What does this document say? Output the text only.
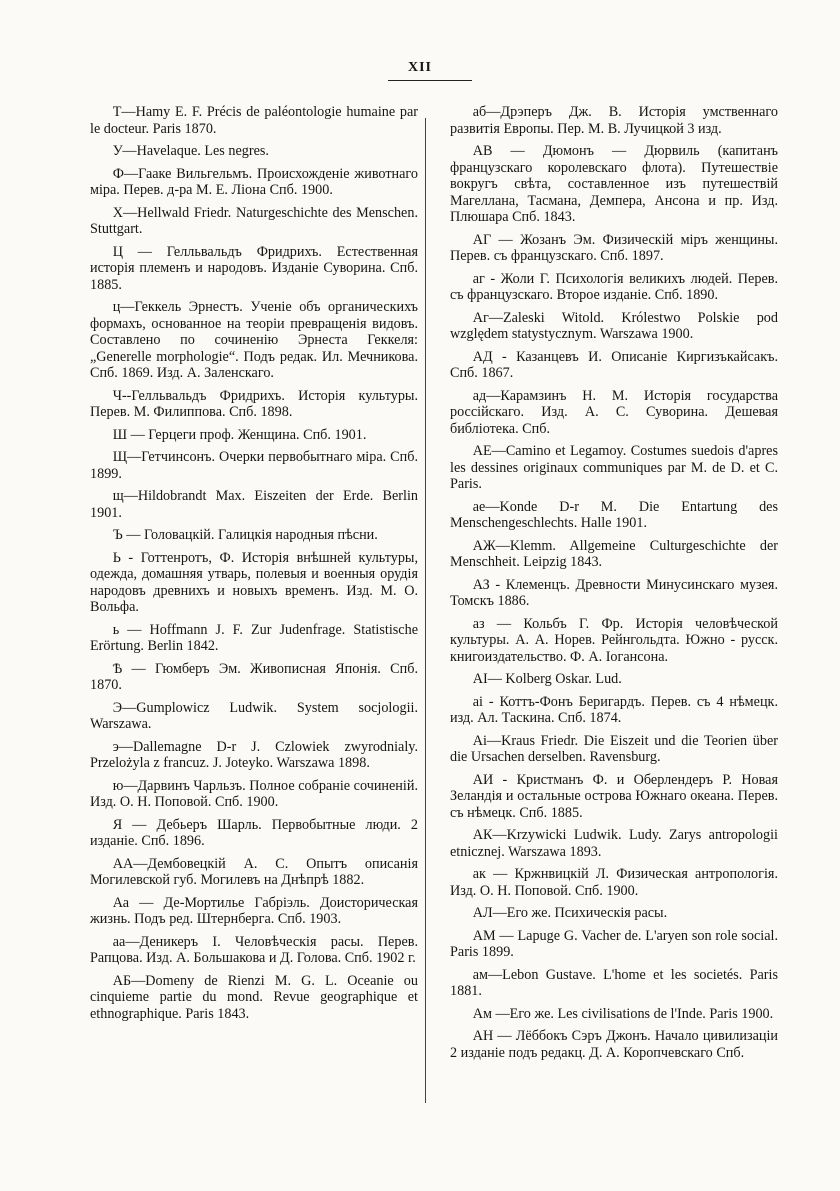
XII

Т—Hamy E. F. Précis de paléontologie humaine par le docteur. Paris 1870.

У—Havelaque. Les negres.

Ф—Гааке Вильгельмъ. Происхожденіе животнаго міра. Перев. д-ра М. Е. Ліона Спб. 1900.

Х—Hellwald Friedr. Naturgeschichte des Menschen. Stuttgart.

Ц — Гелльвальдъ Фридрихъ. Естественная исторія племенъ и народовъ. Изданіе Суворина. Спб. 1885.

ц—Геккель Эрнестъ. Ученіе объ органическихъ формахъ, основанное на теоріи превращенія видовъ. Составлено по сочиненію Эрнеста Геккеля: „Generelle morphologie“. Подъ редак. Ил. Мечникова. Спб. 1869. Изд. А. Заленскаго.

Ч--Гелльвальдъ Фридрихъ. Исторія культуры. Перев. М. Филиппова. Спб. 1898.

Ш — Герцеги проф. Женщина. Спб. 1901.

Щ—Гетчинсонъ. Очерки первобытнаго міра. Спб. 1899.

щ—Hildobrandt Max. Eiszeiten der Erde. Berlin 1901.

Ъ — Головацкій. Галицкія народныя пѣсни.

Ь - Готтенротъ, Ф. Исторія внѣшней культуры, одежда, домашняя утварь, полевыя и военныя орудія народовъ древнихъ и новыхъ временъ. Изд. М. О. Вольфа.

ь — Hoffmann J. F. Zur Judenfrage. Statistische Erörtung. Berlin 1842.

Ѣ — Гюмберъ Эм. Живописная Японія. Спб. 1870.

Э—Gumplowicz Ludwik. System socjologii. Warszawa.

э—Dallemagne D-r J. Czlowiek zwyrodnialy. Przelożyla z francuz. J. Joteyko. Warszawa 1898.

ю—Дарвинъ Чарльзъ. Полное собраніе сочиненій. Изд. О. Н. Поповой. Спб. 1900.

Я — Дебьеръ Шарль. Первобытные люди. 2 изданіе. Спб. 1896.

АА—Дембовецкій А. С. Опытъ описанія Могилевской губ. Могилевъ на Днѣпрѣ 1882.

Аа — Де-Мортилье Габріэль. Доисторическая жизнь. Подъ ред. Штернберга. Спб. 1903.

аа—Деникеръ І. Человѣческія расы. Перев. Рапцова. Изд. А. Большакова и Д. Голова. Спб. 1902 г.

АБ—Domeny de Rienzi M. G. L. Oceanie ou cinquieme partie du mond. Revue geographique et ethnographique. Paris 1843.

аб—Дрэперъ Дж. В. Исторія умственнаго развитія Европы. Пер. М. В. Лучицкой 3 изд.

АВ — Дюмонъ — Дюрвиль (капитанъ французскаго королевскаго флота). Путешествіе вокругъ свѣта, составленное изъ путешествій Магеллана, Тасмана, Демпера, Ансона и пр. Изд. Плюшара Спб. 1843.

АГ — Жозанъ Эм. Физическій міръ женщины. Перев. съ французскаго. Спб. 1897.

аг - Жоли Г. Психологія великихъ людей. Перев. съ французскаго. Второе изданіе. Спб. 1890.

Аг—Zaleski Witold. Królestwo Polskie pod względem statystycznym. Warszawa 1900.

АД - Казанцевъ И. Описаніе Киргизъкайсакъ. Спб. 1867.

ад—Карамзинъ Н. М. Исторія государства россійскаго. Изд. А. С. Суворина. Дешевая библіотека. Спб.

АЕ—Camino et Legamoy. Costumes suedois d'apres les dessines originaux communiques par M. de D. et C. Paris.

ае—Konde D-r M. Die Entartung des Menschengeschlechts. Halle 1901.

АЖ—Klemm. Allgemeine Culturgeschichte der Menschheit. Leipzig 1843.

АЗ - Клеменцъ. Древности Минусинскаго музея. Томскъ 1886.

аз — Кольбъ Г. Фр. Исторія человѣческой культуры. А. А. Норев. Рейнгольдта. Южно - русск. книгоиздательство. Ф. А. Іогансона.

АІ— Kolberg Oskar. Lud.

аі - Коттъ-Фонъ Беригардъ. Перев. съ 4 нѣмецк. изд. Ал. Таскина. Спб. 1874.

Аі—Kraus Friedr. Die Eiszeit und die Teorien über die Ursachen derselben. Ravensburg.

АИ - Кристманъ Ф. и Оберлендеръ Р. Новая Зеландія и остальные острова Южнаго океана. Перев. съ нѣмецк. Спб. 1885.

АК—Krzywicki Ludwik. Ludy. Zarys antropologii etnicznej. Warszawa 1893.

ак — Кржнвицкій Л. Физическая антропологія. Изд. О. Н. Поповой. Спб. 1900.

АЛ—Его же. Психическія расы.

АМ — Lapuge G. Vacher de. L'aryen son role social. Paris 1899.

ам—Lebon Gustave. L'home et les societés. Paris 1881.

Ам —Его же. Les civilisations de l'Inde. Paris 1900.

АН — Лёббокъ Сэръ Джонъ. Начало цивилизаціи 2 изданіе подъ редакц. Д. А. Коропчевскаго Спб.
